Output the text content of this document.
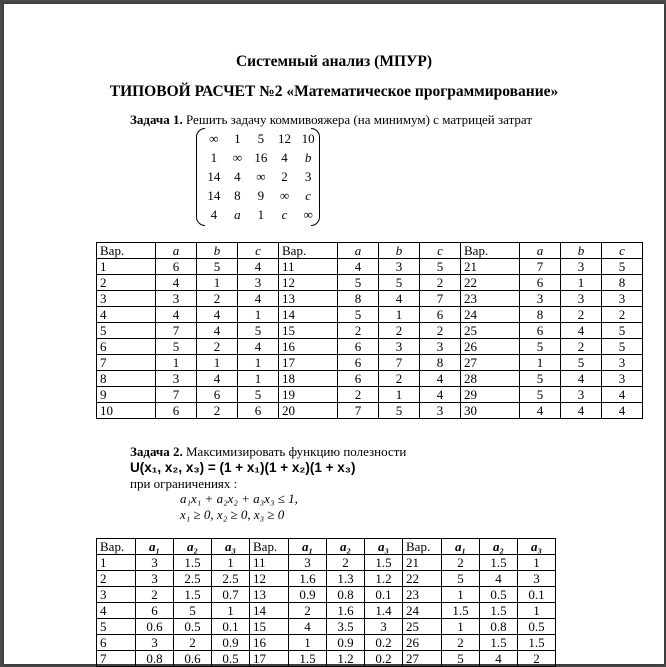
Системный анализ (МПУР)
ТИПОВОЙ РАСЧЕТ №2 «Математическое программирование»
Задача 1. Решить задачу коммивояжера (на минимум) с матрицей затрат
∞	1	5	12	10
1	∞	16	4	b
14	4	∞	2	3
14	8	9	∞	c
4	a	1	c	∞
Вар.	a	b	c	Вар.	a	b	c	Вар.	a	b	c
1	6	5	4	11	4	3	5	21	7	3	5
2	4	1	3	12	5	5	2	22	6	1	8
3	3	2	4	13	8	4	7	23	3	3	3
4	4	4	1	14	5	1	6	24	8	2	2
5	7	4	5	15	2	2	2	25	6	4	5
6	5	2	4	16	6	3	3	26	5	2	5
7	1	1	1	17	6	7	8	27	1	5	3
8	3	4	1	18	6	2	4	28	5	4	3
9	7	6	5	19	2	1	4	29	5	3	4
10	6	2	6	20	7	5	3	30	4	4	4
Задача 2. Максимизировать функцию полезности
U(x₁, x₂, x₃) = (1 + x₁)(1 + x₂)(1 + x₃)
при ограничениях :
a₁x₁ + a₂x₂ + a₃x₃ ≤ 1,
x₁ ≥ 0, x₂ ≥ 0, x₃ ≥ 0
Вар.	a₁	a₂	a₃	Вар.	a₁	a₂	a₃	Вар.	a₁	a₂	a₃
1	3	1.5	1	11	3	2	1.5	21	2	1.5	1
2	3	2.5	2.5	12	1.6	1.3	1.2	22	5	4	3
3	2	1.5	0.7	13	0.9	0.8	0.1	23	1	0.5	0.1
4	6	5	1	14	2	1.6	1.4	24	1.5	1.5	1
5	0.6	0.5	0.1	15	4	3.5	3	25	1	0.8	0.5
6	3	2	0.9	16	1	0.9	0.2	26	2	1.5	1.5
7	0.8	0.6	0.5	17	1.5	1.2	0.2	27	5	4	2
